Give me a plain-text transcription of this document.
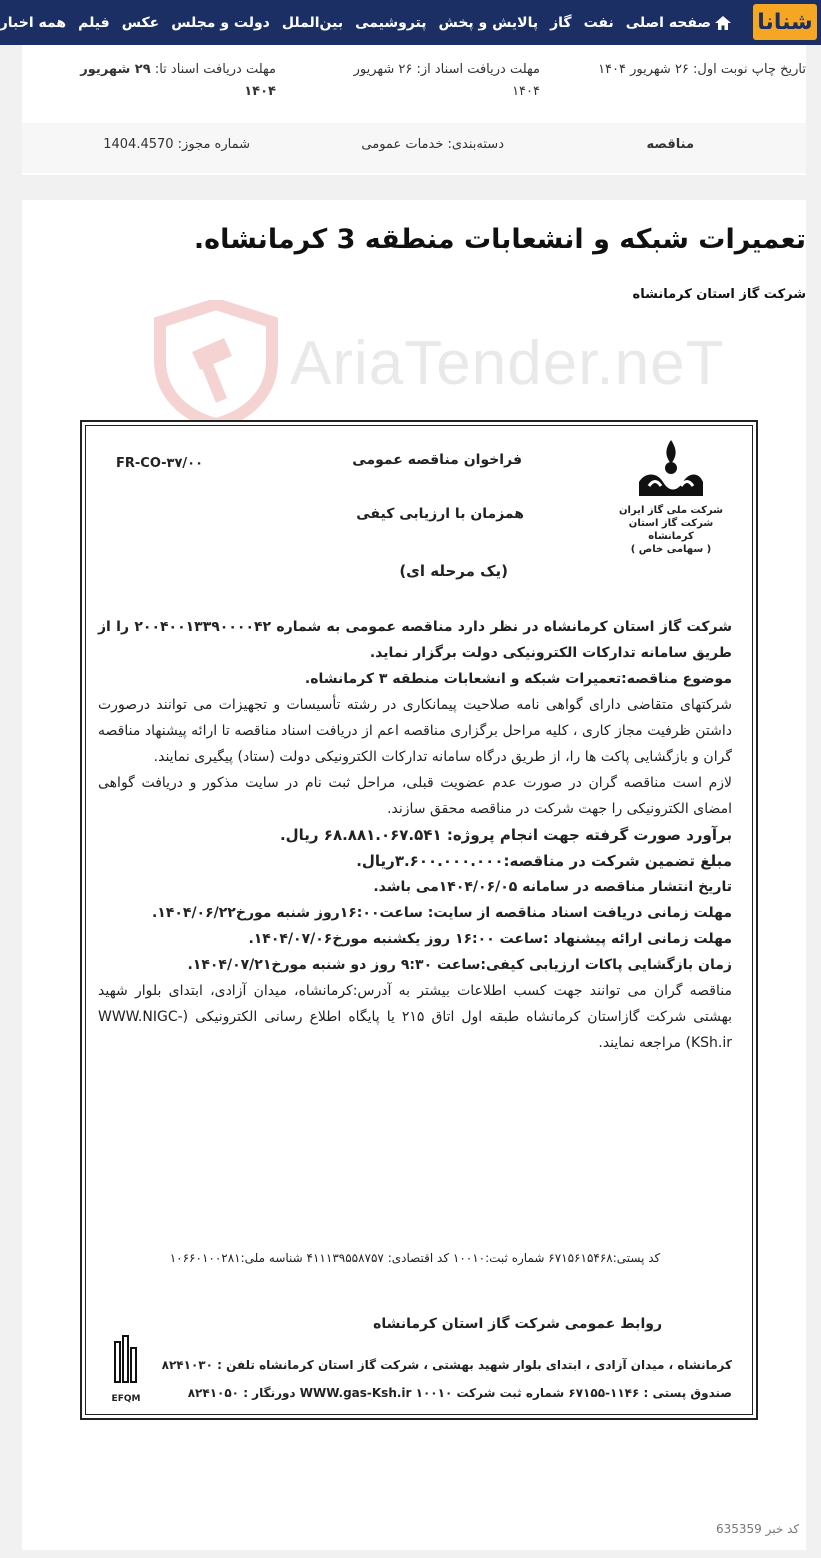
شنانا
صفحه اصلی
نفت
گاز
پالایش و پخش
پتروشیمی
بین‌الملل
دولت و مجلس
عکس
فیلم
همه اخبار
تاریخ چاپ نوبت اول: ۲۶ شهریور ۱۴۰۴
مهلت دریافت اسناد از: ۲۶ شهریور
۱۴۰۴
مهلت دریافت اسناد تا: ۲۹ شهریور
۱۴۰۴
مناقصه
دسته‌بندی: خدمات عمومی
شماره مجوز: 1404.4570
تعمیرات شبکه و انشعابات منطقه 3 کرمانشاه.
شرکت گاز استان کرمانشاه
AriaTender.neT
FR-CO-۳۷/۰۰	فراخوان مناقصه عمومی
همزمان با ارزیابی کیفی
(یک مرحله ای)
شرکت ملی گاز ایران
شرکت گاز استان کرمانشاه
( سهامی خاص )

شرکت گاز استان کرمانشاه در نظر دارد مناقصه عمومی به شماره ۲۰۰۴۰۰۱۳۳۹۰۰۰۰۴۲ را از طریق سامانه تدارکات الکترونیکی دولت برگزار نماید.

موضوع مناقصه:تعمیرات شبکه و انشعابات منطقه ۳ کرمانشاه.

شرکتهای متقاضی دارای گواهی نامه صلاحیت پیمانکاری در رشته تأسیسات و تجهیزات می توانند درصورت داشتن ظرفیت مجاز کاری ، کلیه مراحل برگزاری مناقصه اعم از دریافت اسناد مناقصه تا ارائه پیشنهاد مناقصه گران و بازگشایی پاکت ها را، از طریق درگاه سامانه تدارکات الکترونیکی دولت (ستاد) پیگیری نمایند.

لازم است مناقصه گران در صورت عدم عضویت قبلی، مراحل ثبت نام در سایت مذکور و دریافت گواهی امضای الکترونیکی را جهت شرکت در مناقصه محقق سازند.

برآورد صورت گرفته جهت انجام پروژه: ۶۸.۸۸۱.۰۶۷.۵۴۱ ریال.

مبلغ تضمین شرکت در مناقصه:۳.۶۰۰.۰۰۰.۰۰۰ریال.

تاریخ انتشار مناقصه در سامانه ۱۴۰۴/۰۶/۰۵می باشد.

مهلت زمانی دریافت اسناد مناقصه از سایت: ساعت۱۶:۰۰روز شنبه مورخ۱۴۰۴/۰۶/۲۲.

مهلت زمانی ارائه پیشنهاد :ساعت ۱۶:۰۰ روز یکشنبه مورخ۱۴۰۴/۰۷/۰۶.

زمان بازگشایی پاکات ارزیابی کیفی:ساعت ۹:۳۰ روز دو شنبه مورخ۱۴۰۴/۰۷/۲۱.

مناقصه گران می توانند جهت کسب اطلاعات بیشتر به آدرس:کرمانشاه، میدان آزادی، ابتدای بلوار شهید بهشتی شرکت گازاستان کرمانشاه طبقه اول اتاق ۲۱۵ یا پایگاه اطلاع رسانی الکترونیکی (WWW.NIGC-KSh.ir) مراجعه نمایند.

کد پستی:۶۷۱۵۶۱۵۴۶۸ شماره ثبت:۱۰۰۱۰ کد اقتصادی: ۴۱۱۱۳۹۵۵۸۷۵۷ شناسه ملی:۱۰۶۶۰۱۰۰۲۸۱
روابط عمومی شرکت گاز استان کرمانشاه
کرمانشاه ، میدان آزادی ، ابتدای بلوار شهید بهشتی ، شرکت گاز استان کرمانشاه تلفن : ۸۲۴۱۰۳۰
صندوق پستی : ۱۱۴۶-۶۷۱۵۵ شماره ثبت شرکت ۱۰۰۱۰ WWW.gas-Ksh.ir دورنگار : ۸۲۴۱۰۵۰
EFQM
کد خبر 635359
